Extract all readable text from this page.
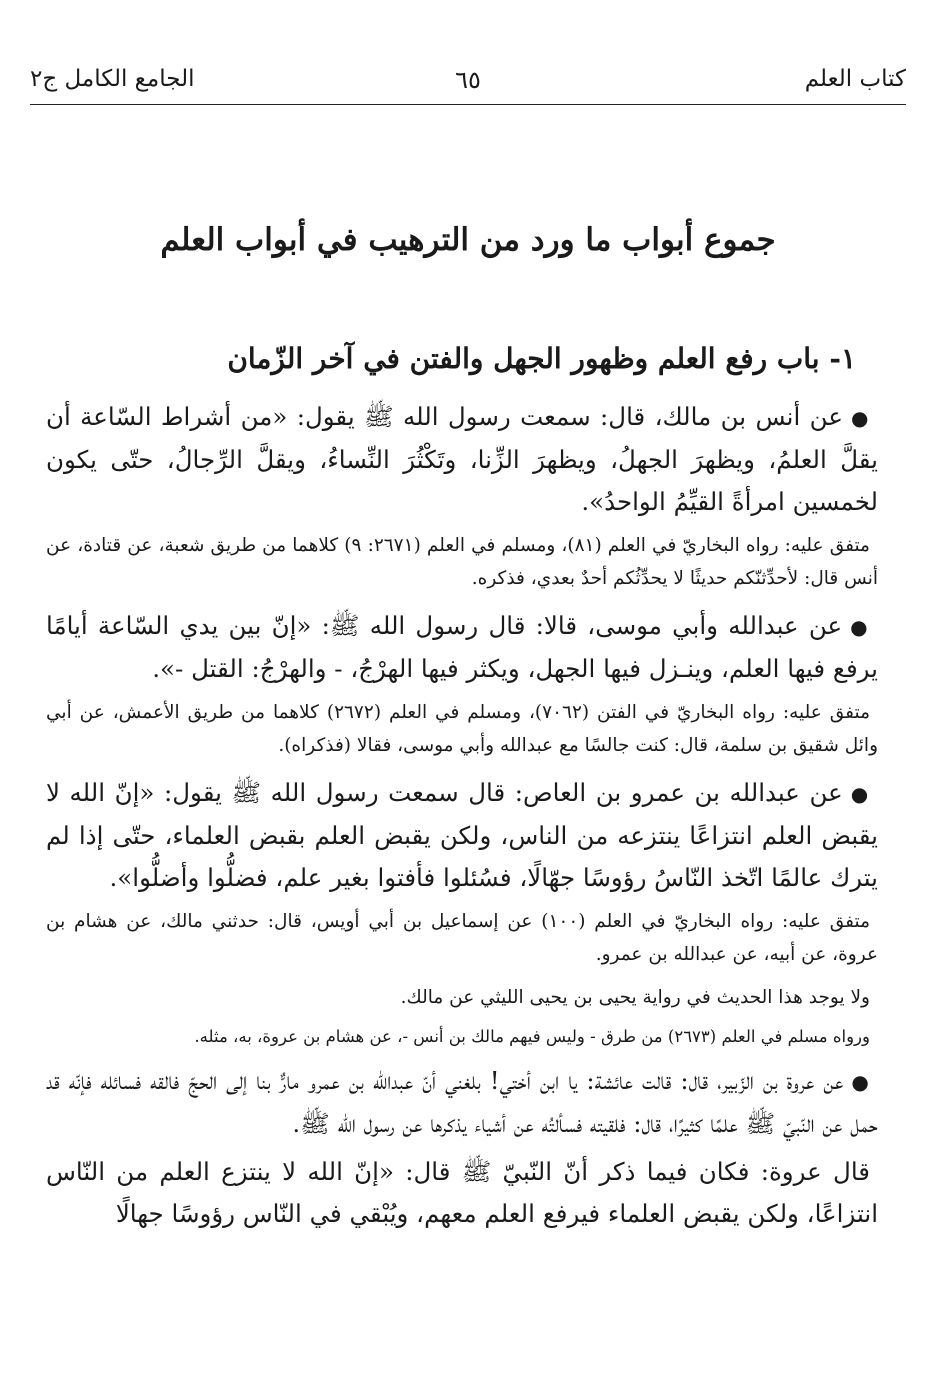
الجامع الكامل ج٢	٦٥	كتاب العلم
جموع أبواب ما ورد من الترهيب في أبواب العلم
١- باب رفع العلم وظهور الجهل والفتن في آخر الزّمان

●عن أنس بن مالك، قال: سمعت رسول الله ﷺ يقول: «من أشراط السّاعة أن يقلَّ العلمُ، ويظهرَ الجهلُ، ويظهرَ الزِّنا، وتَكْثُرَ النِّساءُ، ويقلَّ الرِّجالُ، حتّى يكون لخمسين امرأةً القيِّمُ الواحدُ».

متفق عليه: رواه البخاريّ في العلم (٨١)، ومسلم في العلم (٢٦٧١: ٩) كلاهما من طريق شعبة، عن قتادة، عن أنس قال: لأحدِّثنّكم حديثًا لا يحدِّثُكم أحدٌ بعدي، فذكره.

●عن عبدالله وأبي موسى، قالا: قال رسول الله ﷺ: «إنّ بين يدي السّاعة أيامًا يرفع فيها العلم، وينـزل فيها الجهل، ويكثر فيها الهرْجُ، - والهرْجُ: القتل -».

متفق عليه: رواه البخاريّ في الفتن (٧٠٦٢)، ومسلم في العلم (٢٦٧٢) كلاهما من طريق الأعمش، عن أبي وائل شقيق بن سلمة، قال: كنت جالسًا مع عبدالله وأبي موسى، فقالا (فذكراه).

●عن عبدالله بن عمرو بن العاص: قال سمعت رسول الله ﷺ يقول: «إنّ الله لا يقبض العلم انتزاعًا ينتزعه من الناس، ولكن يقبض العلم بقبض العلماء، حتّى إذا لم يترك عالمًا اتّخذ النّاسُ رؤوسًا جهّالًا، فسُئلوا فأفتوا بغير علم، فضلُّوا وأضلُّوا».

متفق عليه: رواه البخاريّ في العلم (١٠٠) عن إسماعيل بن أبي أويس، قال: حدثني مالك، عن هشام بن عروة، عن أبيه، عن عبدالله بن عمرو.

ولا يوجد هذا الحديث في رواية يحيى بن يحيى الليثي عن مالك.

ورواه مسلم في العلم (٢٦٧٣) من طرق - وليس فيهم مالك بن أنس -، عن هشام بن عروة، به، مثله.

●عن عروة بن الزّبير، قال: قالت عائشة: يا ابن أختي! بلغني أنّ عبدالله بن عمرو مارٌّ بنا إلى الحجّ فالقه فسائله فإنّه قد حمل عن النّبيّ ﷺ علمًا كثيرًا، قال: فلقيته فسألتُه عن أشياء يذكرها عن رسول الله ﷺ.

قال عروة: فكان فيما ذكر أنّ النّبيّ ﷺ قال: «إنّ الله لا ينتزع العلم من النّاس انتزاعًا، ولكن يقبض العلماء فيرفع العلم معهم، ويُبْقي في النّاس رؤوسًا جهالًا
